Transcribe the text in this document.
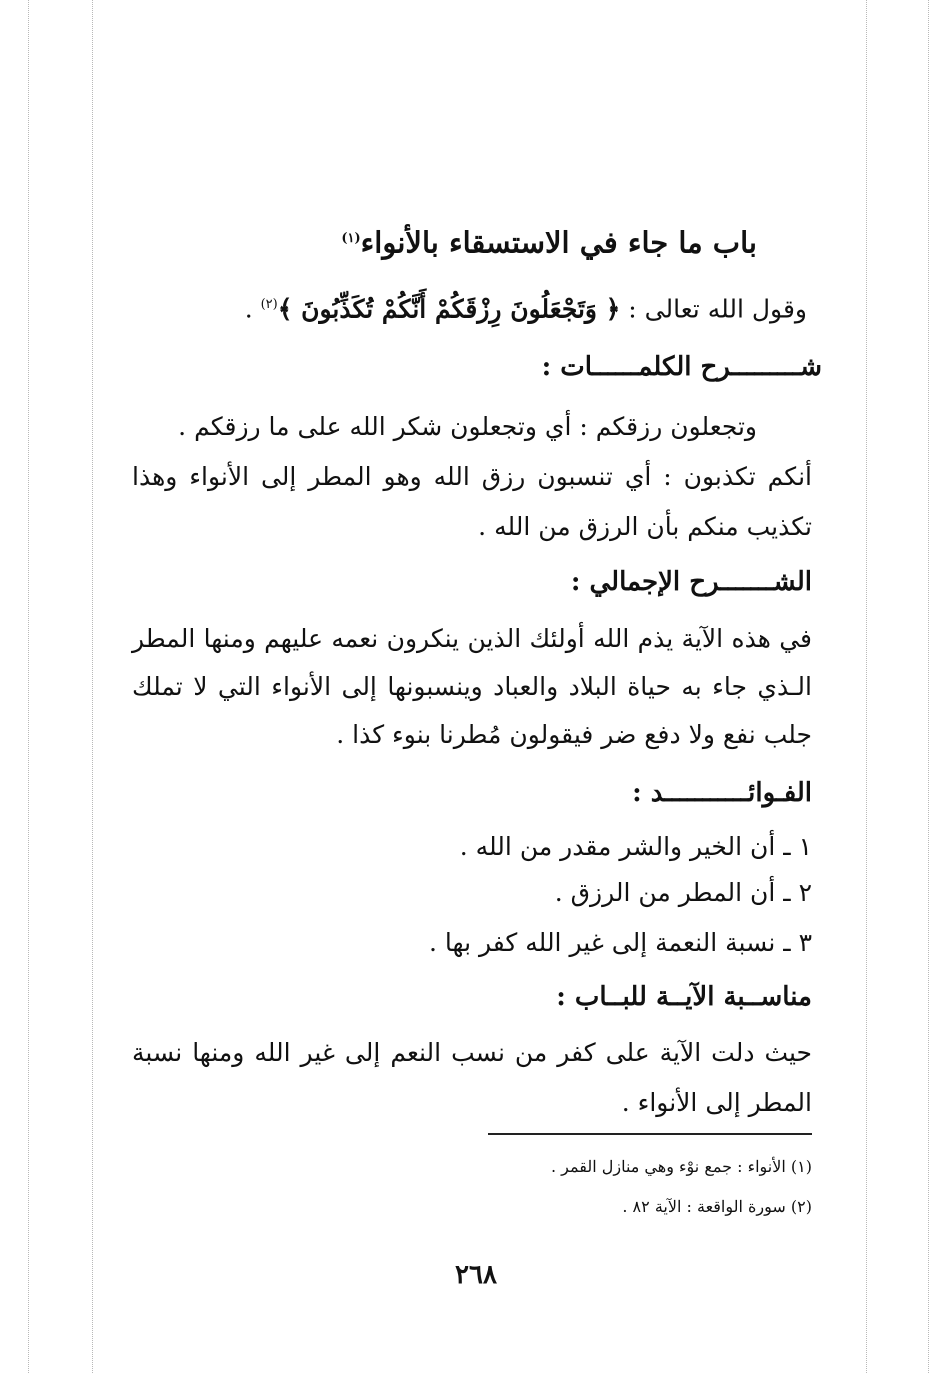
باب ما جاء في الاستسقاء بالأنواء$^{(١)}$
وقول الله تعالى : ﴿ وَتَجْعَلُونَ رِزْقَكُمْ أَنَّكُمْ تُكَذِّبُونَ ﴾$^{(٢)}$ .
شـــــــــرح الكلمــــــات :
وتجعلون رزقكم : أي وتجعلون شكر الله على ما رزقكم .
أنكم تكذبون : أي تنسبون رزق الله وهو المطر إلى الأنواء وهذا
تكذيب منكم بأن الرزق من الله .
الشـــــــرح الإجمالي :
في هذه الآية يذم الله أولئك الذين ينكرون نعمه عليهم ومنها المطر
الـذي جاء به حياة البلاد والعباد وينسبونها إلى الأنواء التي لا تملك
جلب نفع ولا دفع ضر فيقولون مُطرنا بنوء كذا .
الفـوائـــــــــــد :
١ ـ أن الخير والشر مقدر من الله .
٢ ـ أن المطر من الرزق .
٣ ـ نسبة النعمة إلى غير الله كفر بها .
مناســبة الآيــة للبــاب :
حيث دلت الآية على كفر من نسب النعم إلى غير الله ومنها نسبة
المطر إلى الأنواء .
(١) الأنواء : جمع نوْء وهي منازل القمر .
(٢) سورة الواقعة : الآية ٨٢ .
٢٦٨
